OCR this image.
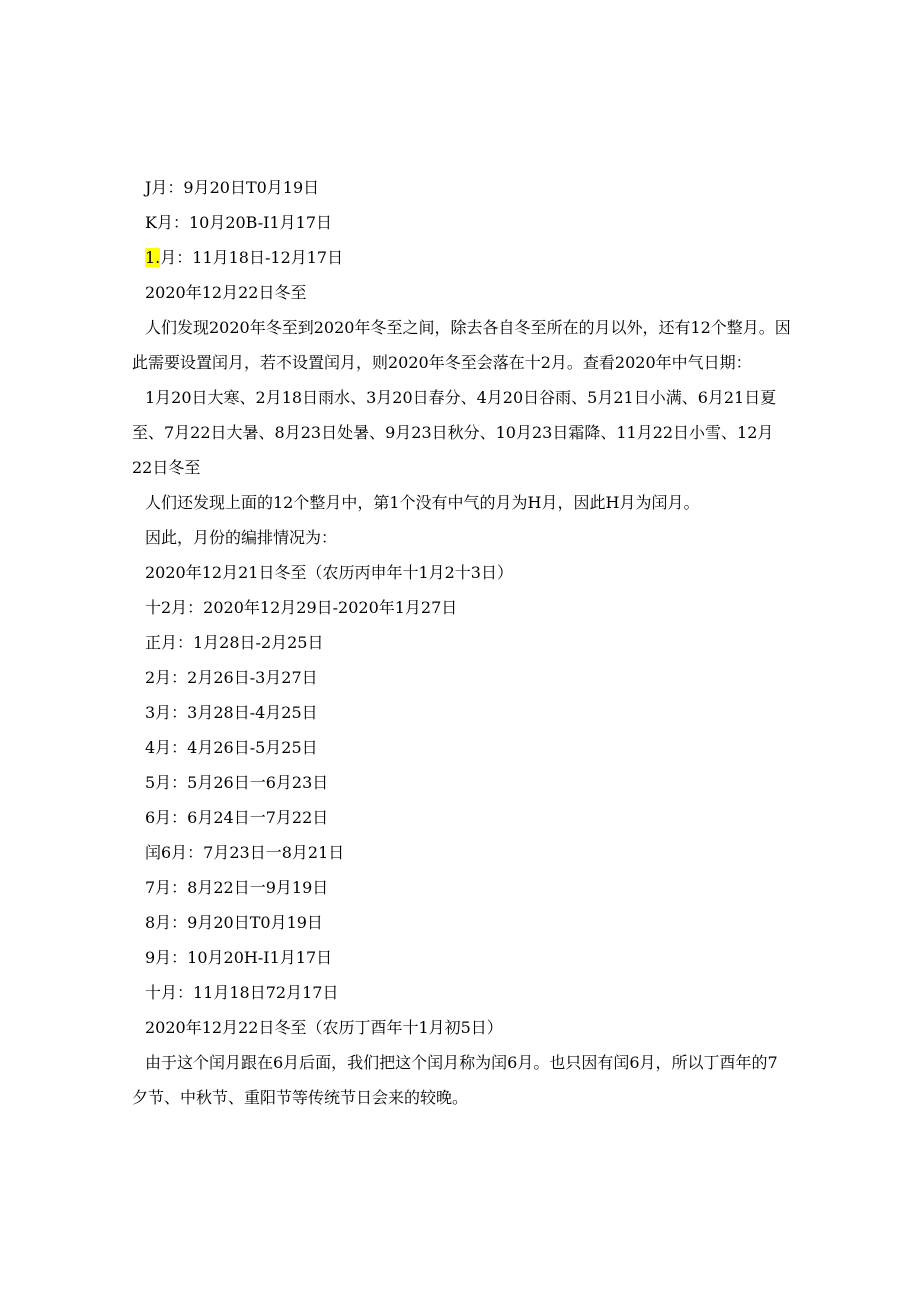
J月：9月20日T0月19日
K月：10月20B-I1月17日
1.月：11月18日-12月17日
2020年12月22日冬至
人们发现2020年冬至到2020年冬至之间，除去各自冬至所在的月以外，还有12个整月。因此需要设置闰月，若不设置闰月，则2020年冬至会落在十2月。查看2020年中气日期：
1月20日大寒、2月18日雨水、3月20日春分、4月20日谷雨、5月21日小满、6月21日夏至、7月22日大暑、8月23日处暑、9月23日秋分、10月23日霜降、11月22日小雪、12月22日冬至
人们还发现上面的12个整月中，第1个没有中气的月为H月，因此H月为闰月。
因此，月份的编排情况为：
2020年12月21日冬至（农历丙申年十1月2十3日）
十2月：2020年12月29日-2020年1月27日
正月：1月28日-2月25日
2月：2月26日-3月27日
3月：3月28日-4月25日
4月：4月26日-5月25日
5月：5月26日一6月23日
6月：6月24日一7月22日
闰6月：7月23日一8月21日
7月：8月22日一9月19日
8月：9月20日T0月19日
9月：10月20H-I1月17日
十月：11月18日72月17日
2020年12月22日冬至（农历丁酉年十1月初5日）
由于这个闰月跟在6月后面，我们把这个闰月称为闰6月。也只因有闰6月，所以丁酉年的7夕节、中秋节、重阳节等传统节日会来的较晚。
